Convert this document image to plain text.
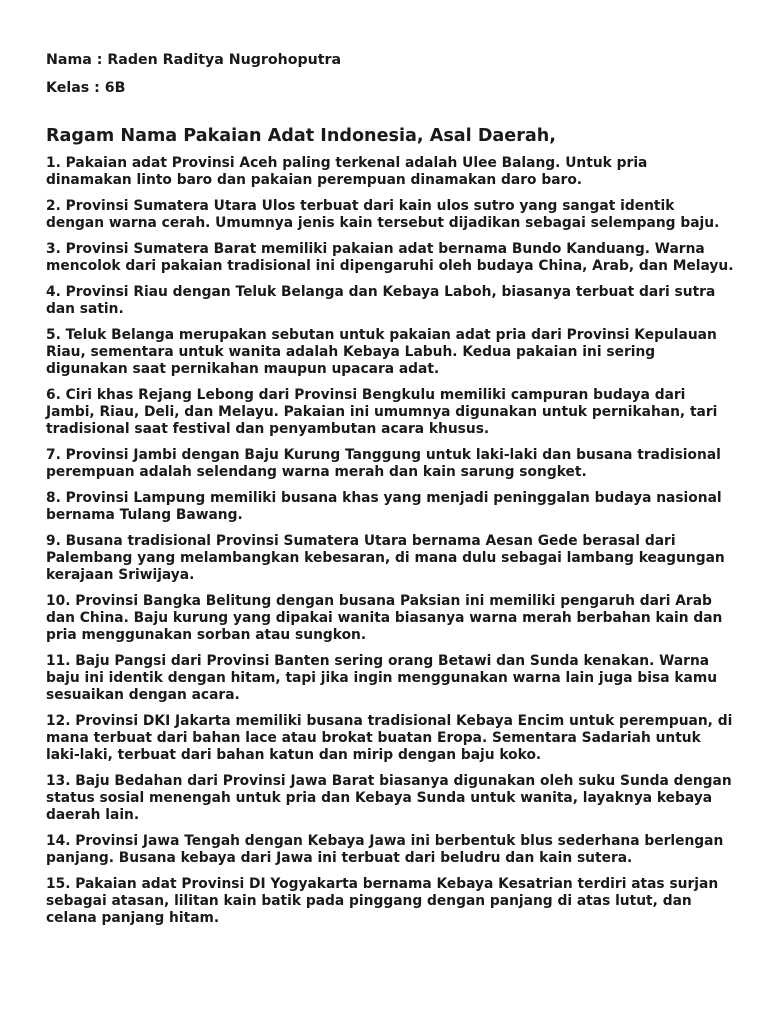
Nama : Raden Raditya Nugrohoputra

Kelas : 6B

Ragam Nama Pakaian Adat Indonesia, Asal Daerah,
1. Pakaian adat Provinsi Aceh paling terkenal adalah Ulee Balang. Untuk pria
dinamakan linto baro dan pakaian perempuan dinamakan daro baro.
2. Provinsi Sumatera Utara Ulos terbuat dari kain ulos sutro yang sangat identik
dengan warna cerah. Umumnya jenis kain tersebut dijadikan sebagai selempang baju.
3. Provinsi Sumatera Barat memiliki pakaian adat bernama Bundo Kanduang. Warna
mencolok dari pakaian tradisional ini dipengaruhi oleh budaya China, Arab, dan Melayu.
4. Provinsi Riau dengan Teluk Belanga dan Kebaya Laboh, biasanya terbuat dari sutra
dan satin.
5. Teluk Belanga merupakan sebutan untuk pakaian adat pria dari Provinsi Kepulauan
Riau, sementara untuk wanita adalah Kebaya Labuh. Kedua pakaian ini sering
digunakan saat pernikahan maupun upacara adat.
6. Ciri khas Rejang Lebong dari Provinsi Bengkulu memiliki campuran budaya dari
Jambi, Riau, Deli, dan Melayu. Pakaian ini umumnya digunakan untuk pernikahan, tari
tradisional saat festival dan penyambutan acara khusus.
7. Provinsi Jambi dengan Baju Kurung Tanggung untuk laki-laki dan busana tradisional
perempuan adalah selendang warna merah dan kain sarung songket.
8. Provinsi Lampung memiliki busana khas yang menjadi peninggalan budaya nasional
bernama Tulang Bawang.
9. Busana tradisional Provinsi Sumatera Utara bernama Aesan Gede berasal dari
Palembang yang melambangkan kebesaran, di mana dulu sebagai lambang keagungan
kerajaan Sriwijaya.
10. Provinsi Bangka Belitung dengan busana Paksian ini memiliki pengaruh dari Arab
dan China. Baju kurung yang dipakai wanita biasanya warna merah berbahan kain dan
pria menggunakan sorban atau sungkon.
11. Baju Pangsi dari Provinsi Banten sering orang Betawi dan Sunda kenakan. Warna
baju ini identik dengan hitam, tapi jika ingin menggunakan warna lain juga bisa kamu
sesuaikan dengan acara.
12. Provinsi DKI Jakarta memiliki busana tradisional Kebaya Encim untuk perempuan, di
mana terbuat dari bahan lace atau brokat buatan Eropa. Sementara Sadariah untuk
laki-laki, terbuat dari bahan katun dan mirip dengan baju koko.
13. Baju Bedahan dari Provinsi Jawa Barat biasanya digunakan oleh suku Sunda dengan
status sosial menengah untuk pria dan Kebaya Sunda untuk wanita, layaknya kebaya
daerah lain.
14. Provinsi Jawa Tengah dengan Kebaya Jawa ini berbentuk blus sederhana berlengan
panjang. Busana kebaya dari Jawa ini terbuat dari beludru dan kain sutera.
15. Pakaian adat Provinsi DI Yogyakarta bernama Kebaya Kesatrian terdiri atas surjan
sebagai atasan, lilitan kain batik pada pinggang dengan panjang di atas lutut, dan
celana panjang hitam.
